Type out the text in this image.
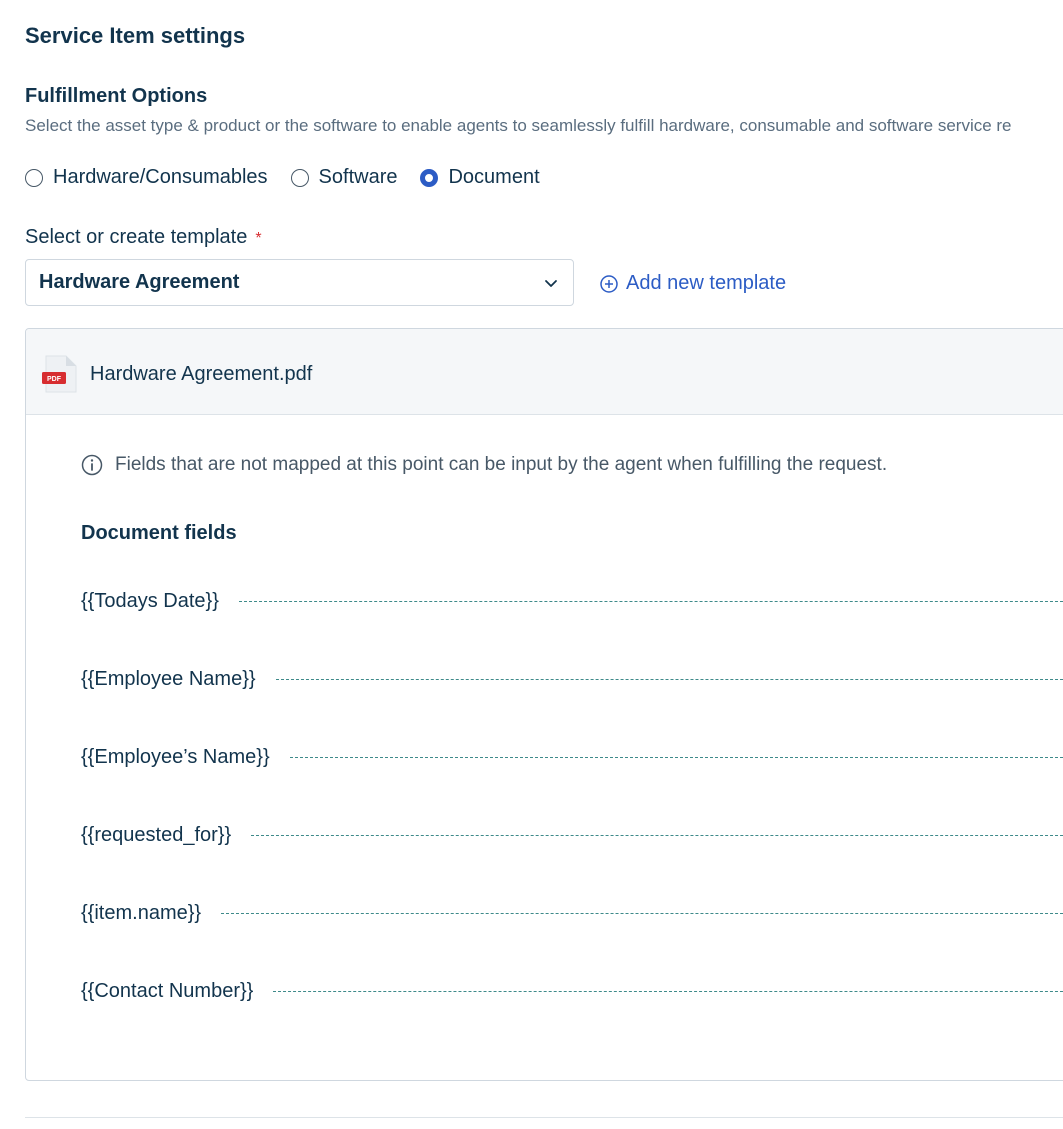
Service Item settings
Fulfillment Options
Select the asset type & product or the software to enable agents to seamlessly fulfill hardware, consumable and software service re
Hardware/Consumables	Software	Document
Select or create template *
Hardware Agreement	Add new template
PDF Hardware Agreement.pdf
Fields that are not mapped at this point can be input by the agent when fulfilling the request.
Document fields
{{Todays Date}}
{{Employee Name}}
{{Employee’s Name}}
{{requested_for}}
{{item.name}}
{{Contact Number}}
